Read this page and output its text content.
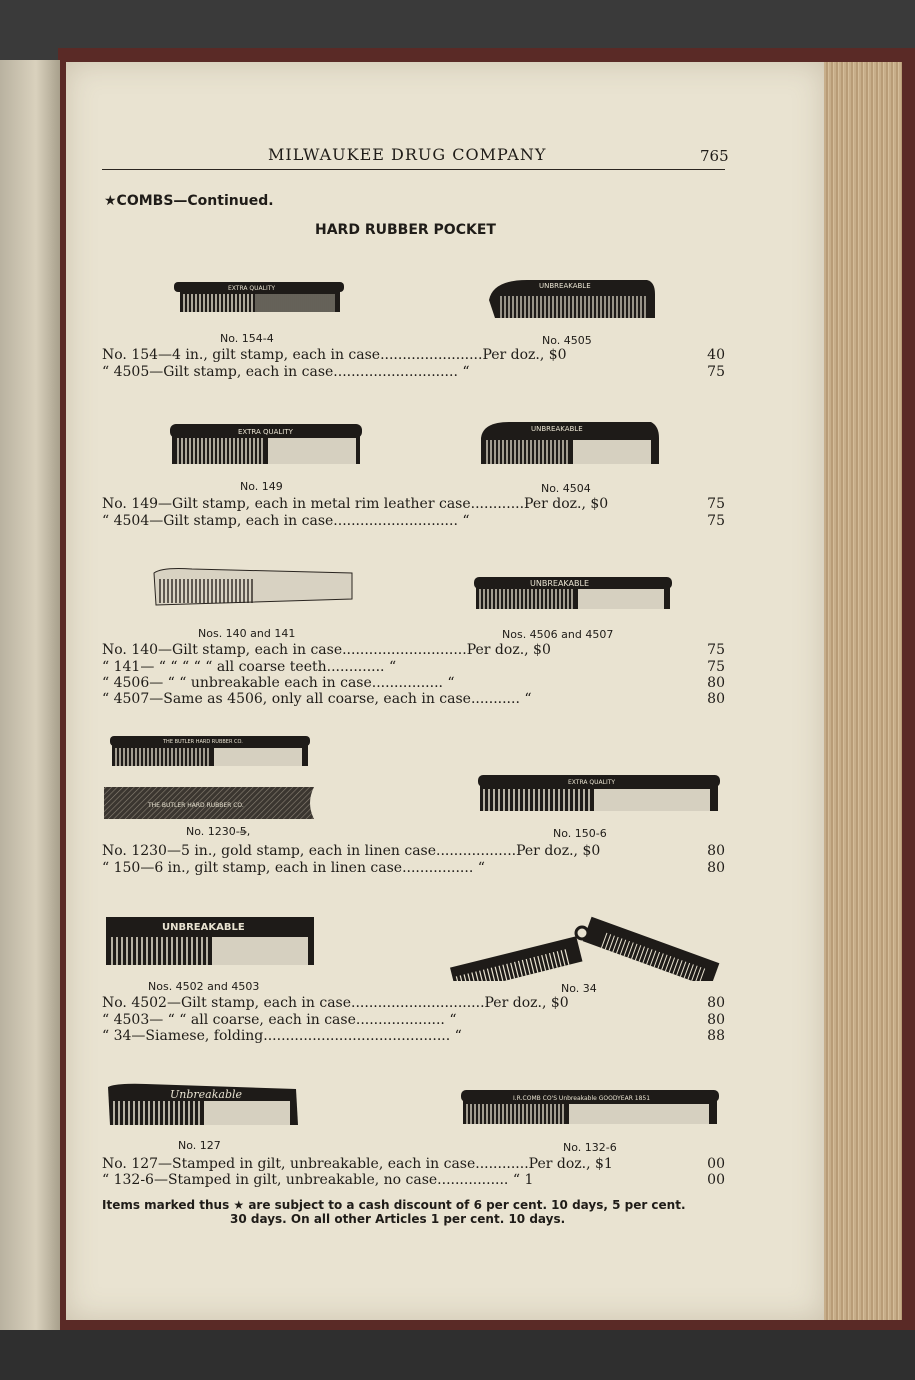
MILWAUKEE DRUG COMPANY	765
★COMBS—Continued.
HARD RUBBER POCKET
EXTRA QUALITY	UNBREAKABLE
No. 154-4	No. 4505
No. 154—4 in., gilt stamp, each in case.......................Per doz., $0	40
“ 4505—Gilt stamp, each in case............................ “	75
EXTRA QUALITY	UNBREAKABLE
No. 149	No. 4504
No. 149—Gilt stamp, each in metal rim leather case............Per doz., $0	75
“ 4504—Gilt stamp, each in case............................ “	75
UNBREAKABLE
Nos. 140 and 141	Nos. 4506 and 4507
No. 140—Gilt stamp, each in case............................Per doz., $0	75
“ 141— “ “ “ “ “ all coarse teeth............. “	75
“ 4506— “ “ unbreakable each in case................ “	80
“ 4507—Same as 4506, only all coarse, each in case........... “	80
THE BUTLER HARD RUBBER CO.
THE BUTLER HARD RUBBER CO.
EXTRA QUALITY
No. 1230-5̶,	No. 150-6
No. 1230—5 in., gold stamp, each in linen case..................Per doz., $0	80
“ 150—6 in., gilt stamp, each in linen case................ “	80
UNBREAKABLE
Nos. 4502 and 4503	No. 34
No. 4502—Gilt stamp, each in case..............................Per doz., $0	80
“ 4503— “ “ all coarse, each in case.................... “	80
“ 34—Siamese, folding.......................................... “	88
Unbreakable	I.R.COMB CO'S Unbreakable GOODYEAR 1851
No. 127	No. 132-6
No. 127—Stamped in gilt, unbreakable, each in case............Per doz., $1	00
“ 132-6—Stamped in gilt, unbreakable, no case................ “ 1	00
Items marked thus ★ are subject to a cash discount of 6 per cent. 10 days, 5 per cent.
30 days. On all other Articles 1 per cent. 10 days.
